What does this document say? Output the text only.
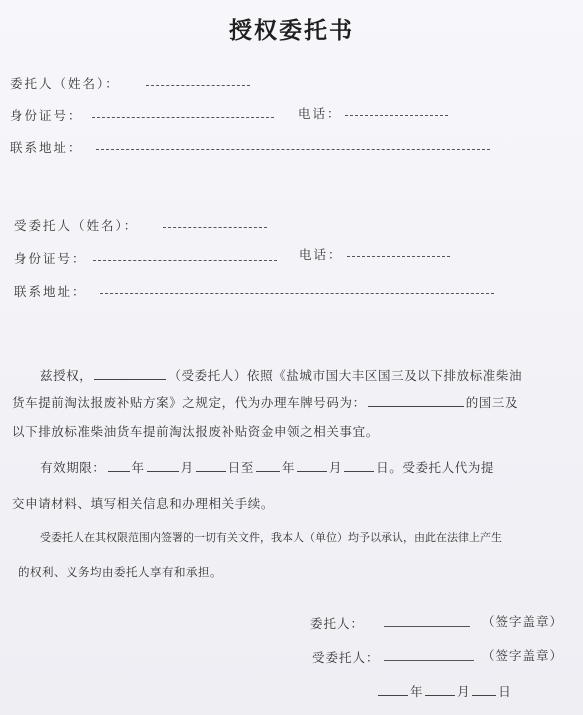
授权委托书
委托人（姓名）：
身份证号：	电话：
联系地址：
受委托人（姓名）：
身份证号：	电话：
联系地址：
兹授权，	（受委托人）依照《盐城市国大丰区国三及以下排放标准柴油
货车提前淘汰报废补贴方案》之规定，代为办理车牌号码为：	的国三及
以下排放标准柴油货车提前淘汰报废补贴资金申领之相关事宜。
有效期限： 年	月	日至 年	月	日。受委托人代为提
交申请材料、填写相关信息和办理相关手续。
受委托人在其权限范围内签署的一切有关文件，我本人（单位）均予以承认，由此在法律上产生
的权利、义务均由委托人享有和承担。
委托人：	（签字盖章）
受委托人：	（签字盖章）
年	月 日
